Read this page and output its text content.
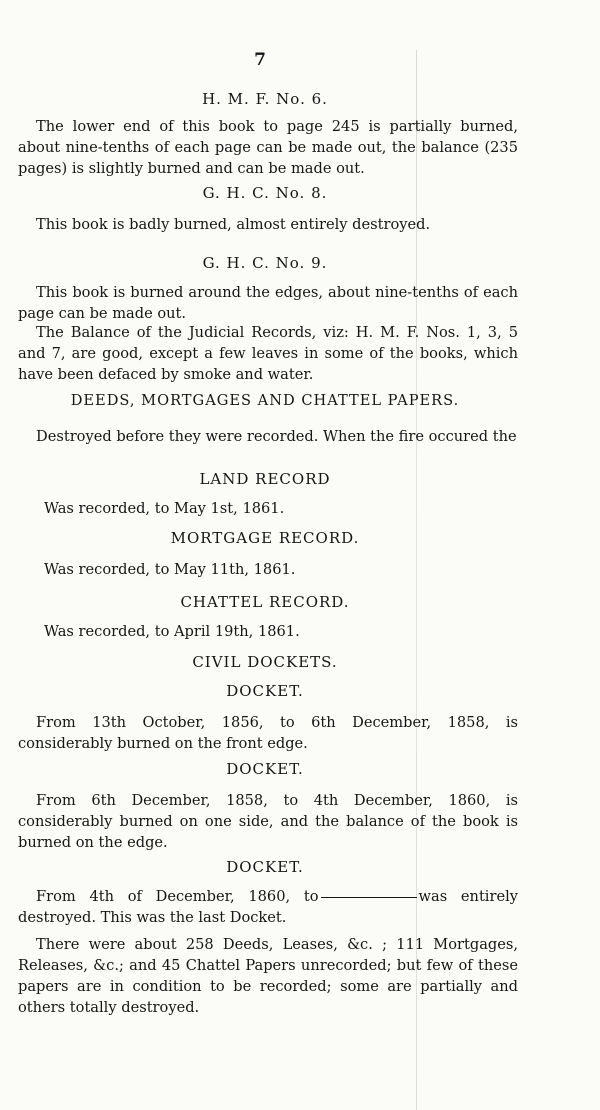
7
H. M. F. No. 6.
The lower end of this book to page 245 is partially burned, about nine-tenths of each page can be made out, the balance (235 pages) is slightly burned and can be made out.
G. H. C. No. 8.
This book is badly burned, almost entirely destroyed.
G. H. C. No. 9.
This book is burned around the edges, about nine-tenths of each page can be made out.
The Balance of the Judicial Records, viz: H. M. F. Nos. 1, 3, 5 and 7, are good, except a few leaves in some of the books, which have been defaced by smoke and water.
DEEDS, MORTGAGES AND CHATTEL PAPERS.
Destroyed before they were recorded. When the fire occured the
LAND RECORD
Was recorded, to May 1st, 1861.
MORTGAGE RECORD.
Was recorded, to May 11th, 1861.
CHATTEL RECORD.
Was recorded, to April 19th, 1861.
CIVIL DOCKETS.
DOCKET.
From 13th October, 1856, to 6th December, 1858, is considerably burned on the front edge.
DOCKET.
From 6th December, 1858, to 4th December, 1860, is considerably burned on one side, and the balance of the book is burned on the edge.
DOCKET.
From 4th of December, 1860, to	was entirely destroyed. This was the last Docket.
There were about 258 Deeds, Leases, &c. ; 111 Mortgages, Releases, &c.; and 45 Chattel Papers unrecorded; but few of these papers are in condition to be recorded; some are partially and others totally destroyed.
